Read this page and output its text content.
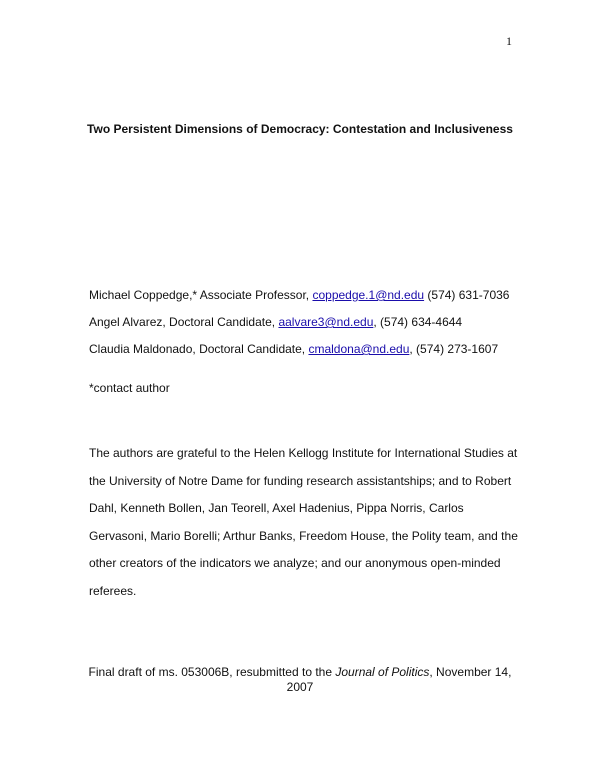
1
Two Persistent Dimensions of Democracy: Contestation and Inclusiveness
Michael Coppedge,* Associate Professor, coppedge.1@nd.edu (574) 631-7036
Angel Alvarez, Doctoral Candidate, aalvare3@nd.edu, (574) 634-4644
Claudia Maldonado, Doctoral Candidate, cmaldona@nd.edu, (574) 273-1607
*contact author
The authors are grateful to the Helen Kellogg Institute for International Studies at
the University of Notre Dame for funding research assistantships; and to Robert
Dahl, Kenneth Bollen, Jan Teorell, Axel Hadenius, Pippa Norris, Carlos
Gervasoni, Mario Borelli; Arthur Banks, Freedom House, the Polity team, and the
other creators of the indicators we analyze; and our anonymous open-minded
referees.
Final draft of ms. 053006B, resubmitted to the Journal of Politics, November 14,
2007
